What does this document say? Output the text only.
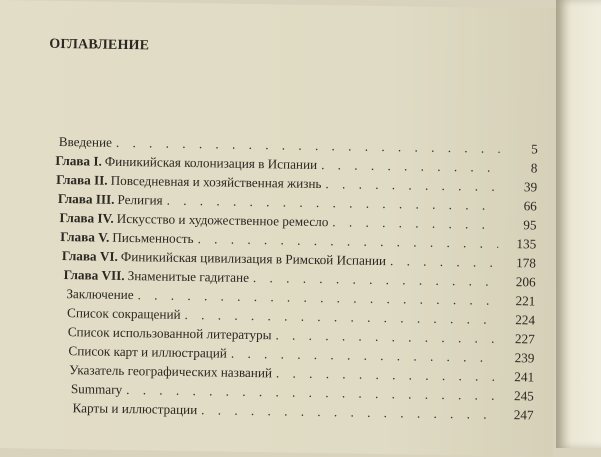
ОГЛАВЛЕНИЕ
Введение . . .	5
Глава I. Финикийская колонизация в Испании . . .	8
Глава II. Повседневная и хозяйственная жизнь . . .	39
Глава III. Религия . . .	66
Глава IV. Искусство и художественное ремесло . . .	95
Глава V. Письменность . . .	135
Глава VI. Финикийская цивилизация в Римской Испании . . .	178
Глава VII. Знаменитые гадитане . . .	206
Заключение . . .	221
Список сокращений . . .	224
Список использованной литературы . . .	227
Список карт и иллюстраций . . .	239
Указатель географических названий . . .	241
Summary . . .	245
Карты и иллюстрации . . .	247
